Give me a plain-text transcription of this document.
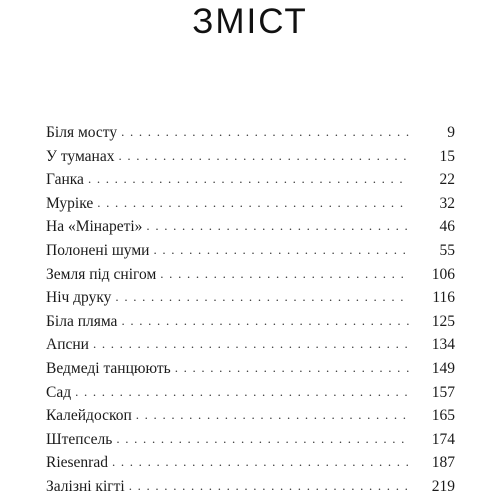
ЗМІСТ
Біля мосту . . .	9
У туманах . . .	15
Ганка . . .	22
Муріке . . .	32
На «Мінареті» . . .	46
Полонені шуми . . .	55
Земля під снігом . . .	106
Ніч друку . . .	116
Біла пляма . . .	125
Апсни . . .	134
Ведмеді танцюють . . .	149
Сад . . .	157
Калейдоскоп . . .	165
Штепсель . . .	174
Riesenrad . . .	187
Залізні кігті . . .	219
